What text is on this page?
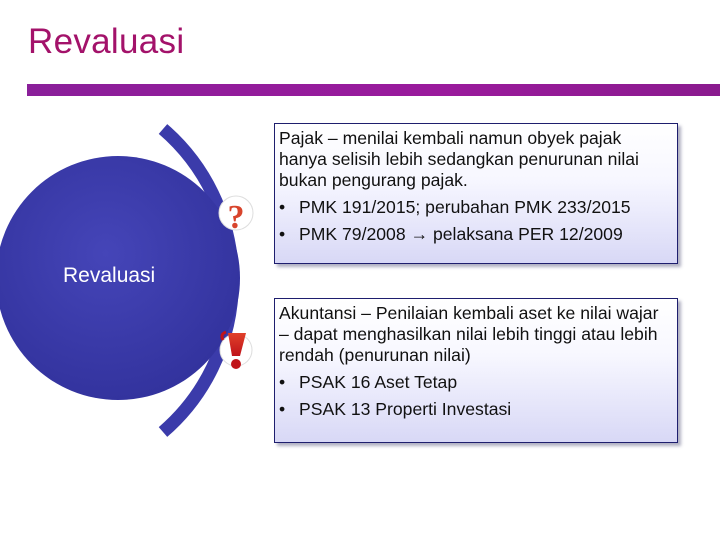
Revaluasi
?
Revaluasi

Pajak – menilai kembali namun obyek pajak hanya selisih lebih sedangkan penurunan nilai bukan pengurang pajak.

• PMK 191/2015; perubahan PMK 233/2015
• PMK 79/2008 → pelaksana PER 12/2009

Akuntansi – Penilaian kembali aset ke nilai wajar – dapat menghasilkan nilai lebih tinggi atau lebih rendah (penurunan nilai)

• PSAK 16 Aset Tetap
• PSAK 13 Properti Investasi
